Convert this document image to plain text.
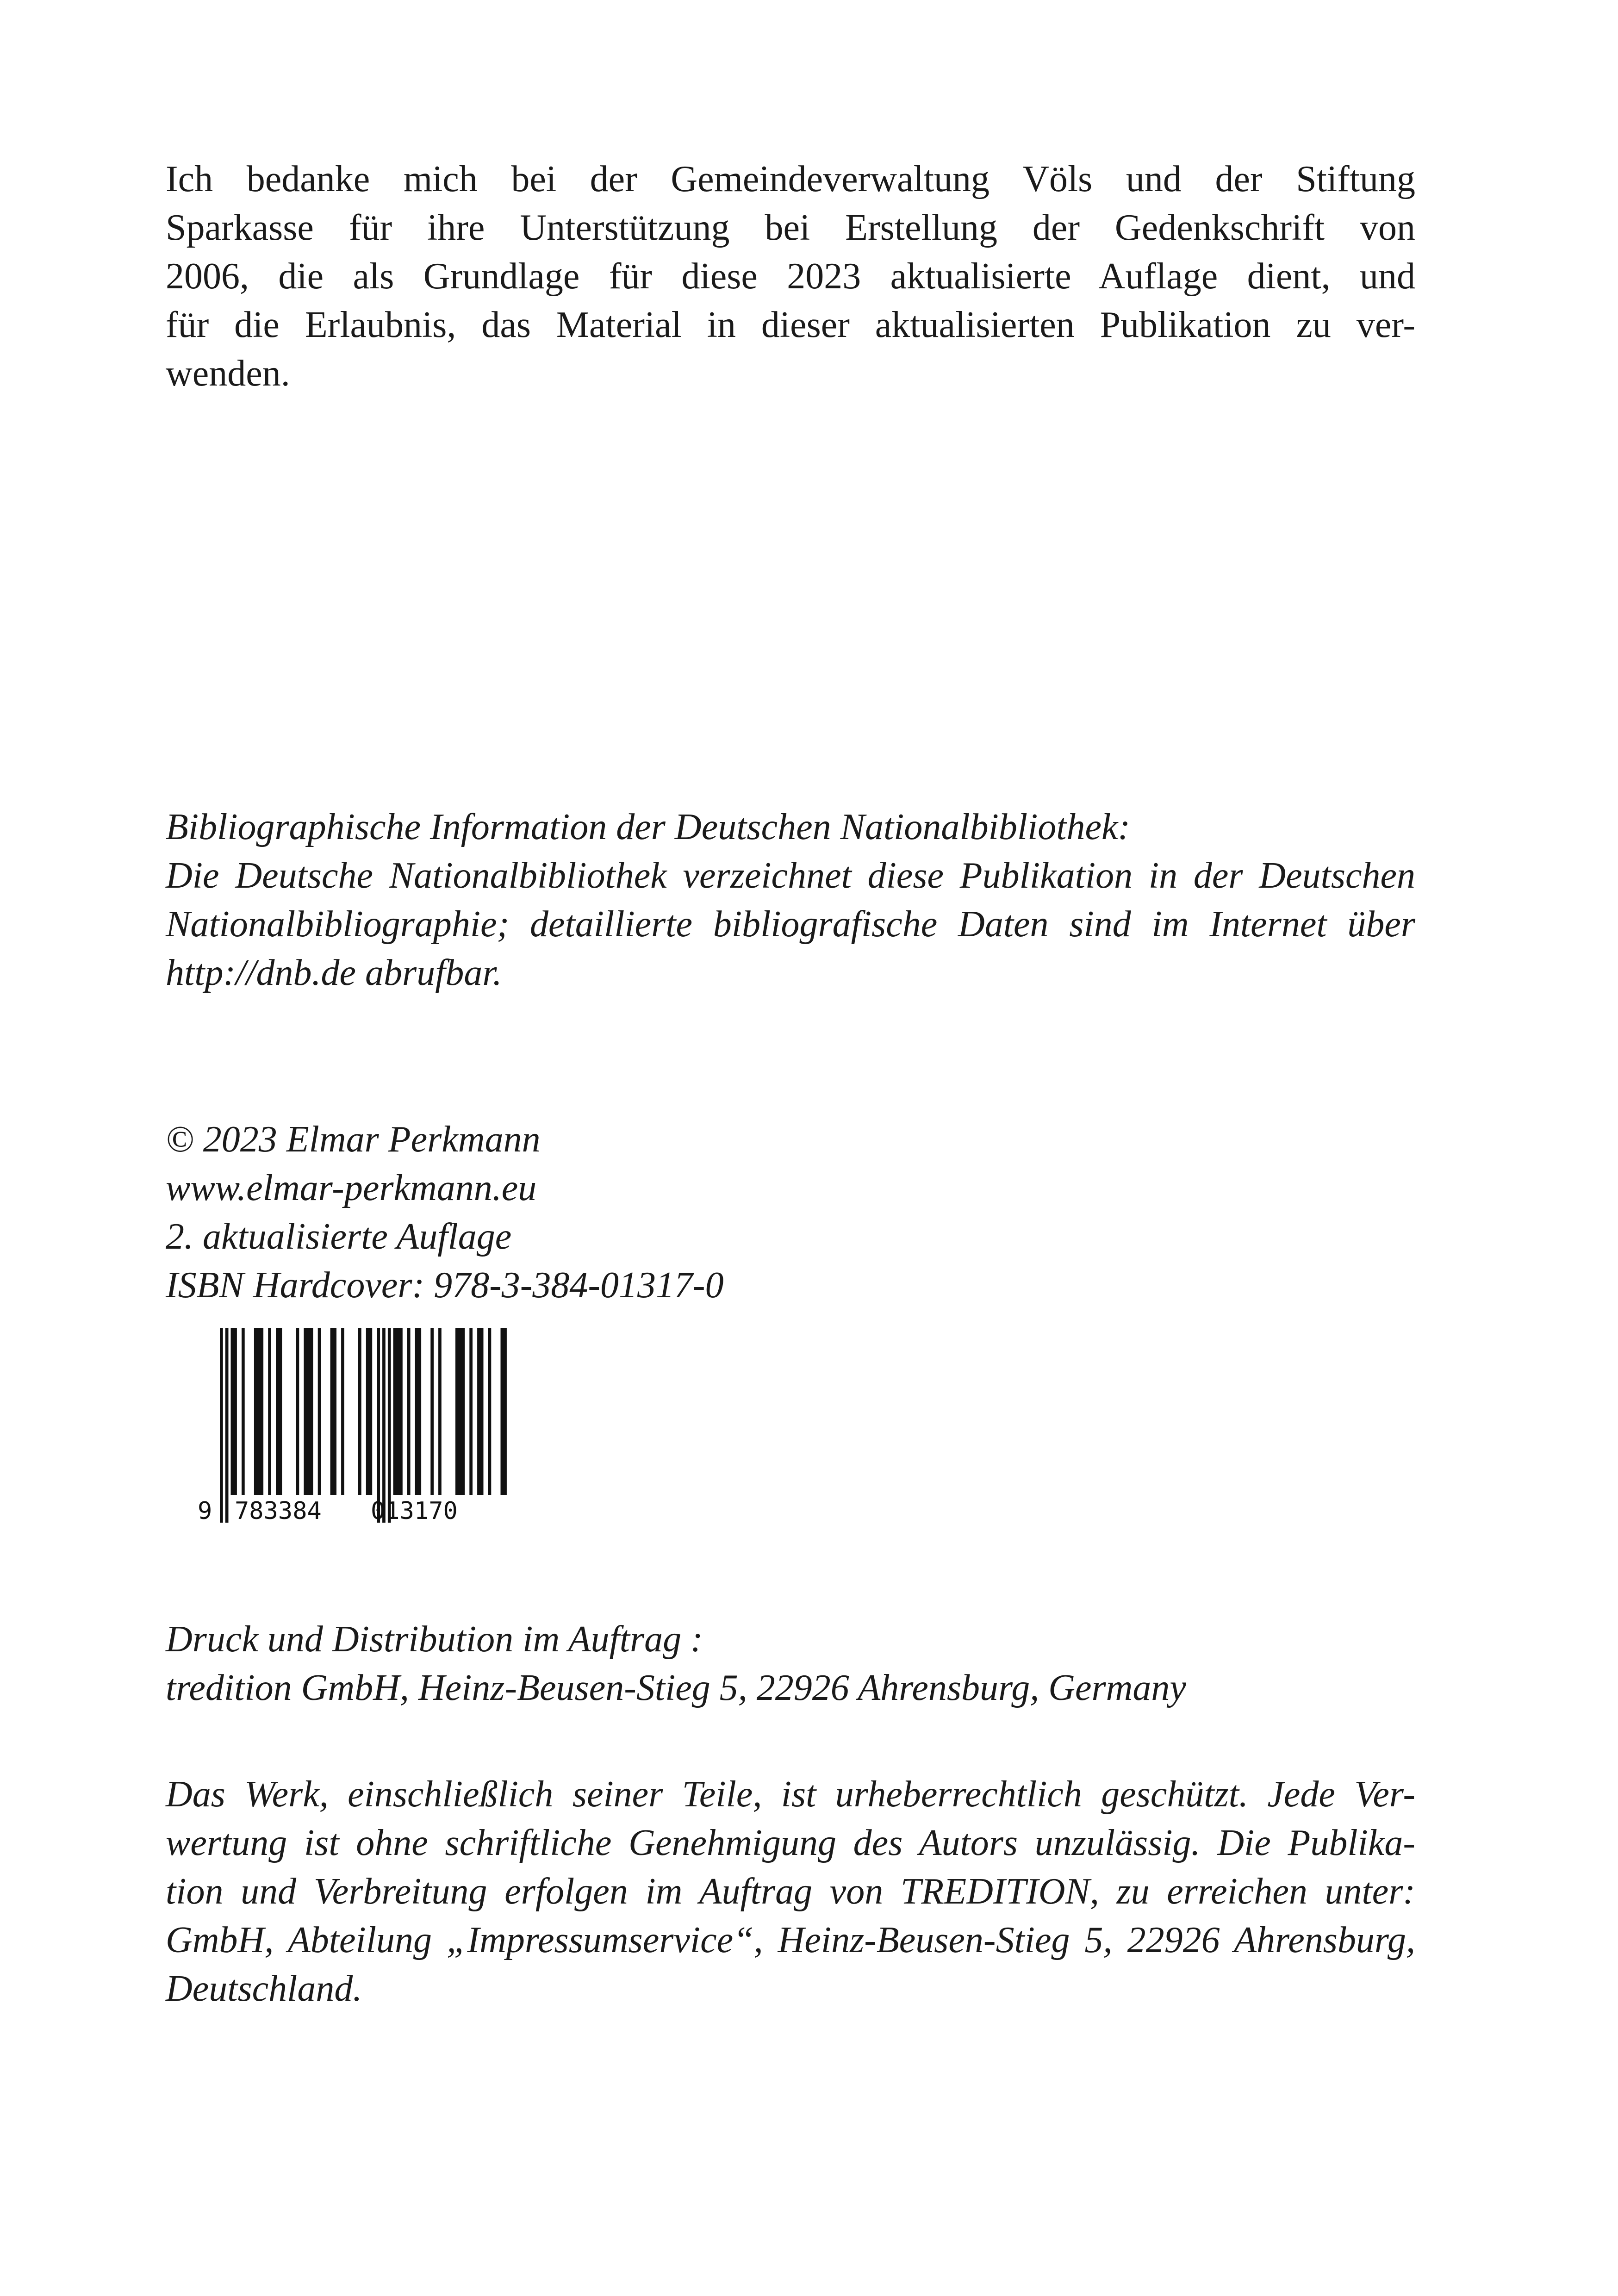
Ich bedanke mich bei der Gemeindeverwaltung Völs und der Stiftung
Sparkasse für ihre Unterstützung bei Erstellung der Gedenkschrift von
2006, die als Grundlage für diese 2023 aktualisierte Auflage dient, und
für die Erlaubnis, das Material in dieser aktualisierten Publikation zu ver-
wenden.
Bibliographische Information der Deutschen Nationalbibliothek:
Die Deutsche Nationalbibliothek verzeichnet diese Publikation in der Deutschen
Nationalbibliographie; detaillierte bibliografische Daten sind im Internet über
http://dnb.de abrufbar.
© 2023 Elmar Perkmann
www.elmar-perkmann.eu
2. aktualisierte Auflage
ISBN Hardcover: 978-3-384-01317-0
9 783384 013170
Druck und Distribution im Auftrag :
tredition GmbH, Heinz-Beusen-Stieg 5, 22926 Ahrensburg, Germany
Das Werk, einschließlich seiner Teile, ist urheberrechtlich geschützt. Jede Ver-
wertung ist ohne schriftliche Genehmigung des Autors unzulässig. Die Publika-
tion und Verbreitung erfolgen im Auftrag von TREDITION, zu erreichen unter:
GmbH, Abteilung „Impressumservice“, Heinz-Beusen-Stieg 5, 22926 Ahrensburg,
Deutschland.
